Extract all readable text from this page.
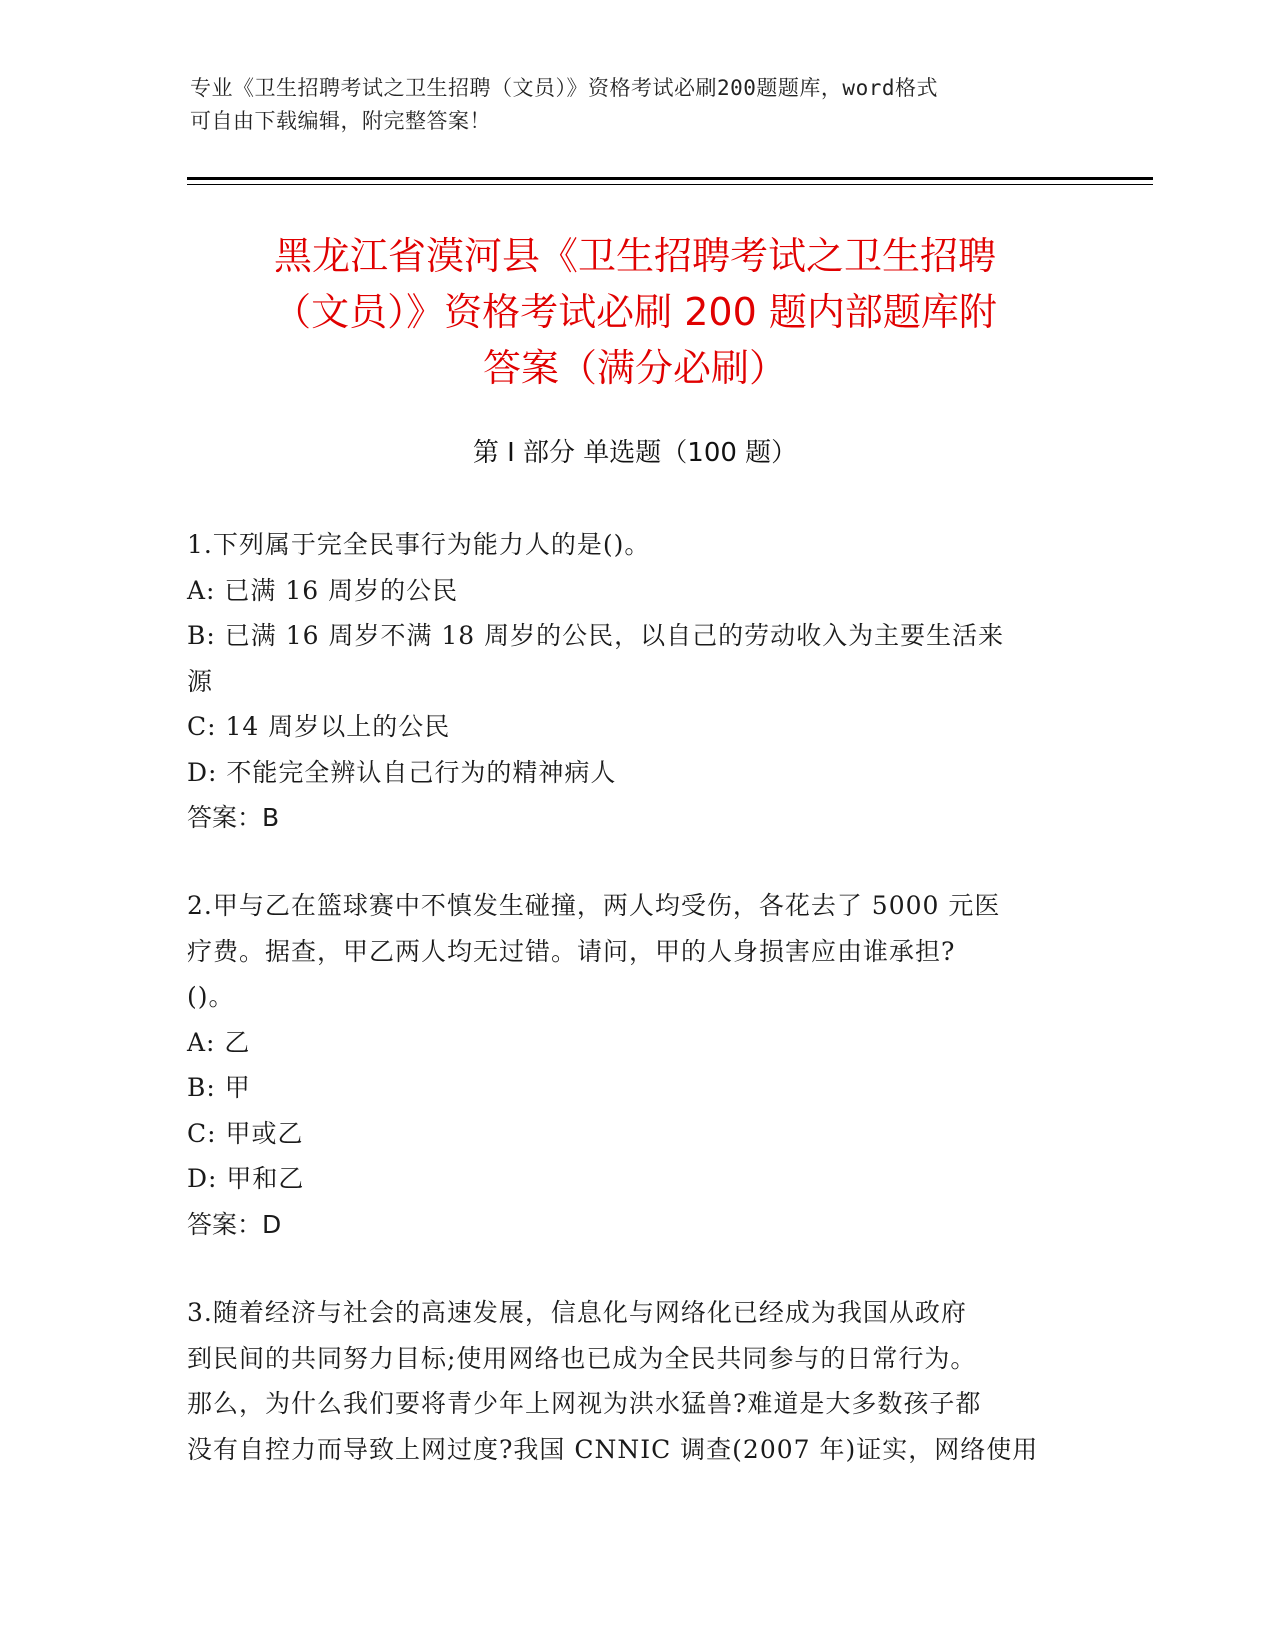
专业《卫生招聘考试之卫生招聘（文员）》资格考试必刷200题题库，word格式
可自由下载编辑，附完整答案！
黑龙江省漠河县《卫生招聘考试之卫生招聘
（文员）》资格考试必刷 200 题内部题库附
答案（满分必刷）
第 I 部分 单选题（100 题）

1.下列属于完全民事行为能力人的是()。

A: 已满 16 周岁的公民

B: 已满 16 周岁不满 18 周岁的公民，以自己的劳动收入为主要生活来

源

C: 14 周岁以上的公民

D: 不能完全辨认自己行为的精神病人

答案：B

2.甲与乙在篮球赛中不慎发生碰撞，两人均受伤，各花去了 5000 元医

疗费。据查，甲乙两人均无过错。请问，甲的人身损害应由谁承担?

()。

A: 乙

B: 甲

C: 甲或乙

D: 甲和乙

答案：D

3.随着经济与社会的高速发展，信息化与网络化已经成为我国从政府

到民间的共同努力目标;使用网络也已成为全民共同参与的日常行为。

那么，为什么我们要将青少年上网视为洪水猛兽?难道是大多数孩子都

没有自控力而导致上网过度?我国 CNNIC 调查(2007 年)证实，网络使用
